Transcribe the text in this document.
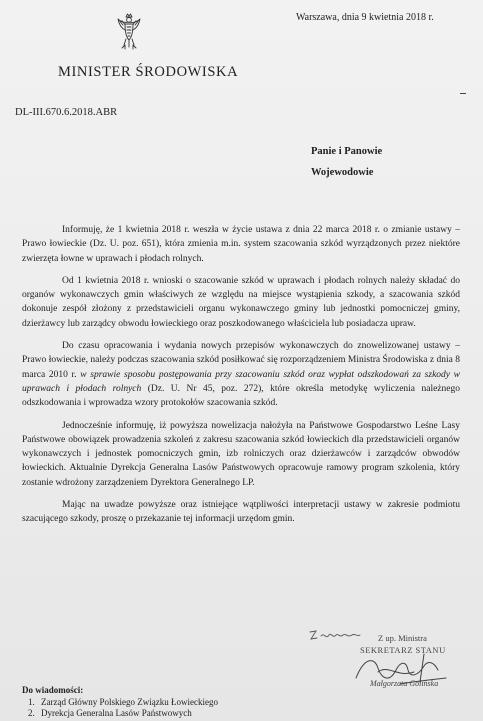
Warszawa, dnia 9 kwietnia 2018 r.
MINISTER ŚRODOWISKA
DL-III.670.6.2018.ABR
Panie i Panowie
Wojewodowie

Informuję, że 1 kwietnia 2018 r. weszła w życie ustawa z dnia 22 marca 2018 r. o zmianie ustawy – Prawo łowieckie (Dz. U. poz. 651), która zmienia m.in. system szacowania szkód wyrządzonych przez niektóre zwierzęta łowne w uprawach i płodach rolnych.

Od 1 kwietnia 2018 r. wnioski o szacowanie szkód w uprawach i płodach rolnych należy składać do organów wykonawczych gmin właściwych ze względu na miejsce wystąpienia szkody, a szacowania szkód dokonuje zespół złożony z przedstawicieli organu wykonawczego gminy lub jednostki pomocniczej gminy, dzierżawcy lub zarządcy obwodu łowieckiego oraz poszkodowanego właściciela lub posiadacza upraw.

Do czasu opracowania i wydania nowych przepisów wykonawczych do znowelizowanej ustawy – Prawo łowieckie, należy podczas szacowania szkód posiłkować się rozporządzeniem Ministra Środowiska z dnia 8 marca 2010 r. w sprawie sposobu postępowania przy szacowaniu szkód oraz wypłat odszkodowań za szkody w uprawach i płodach rolnych (Dz. U. Nr 45, poz. 272), które określa metodykę wyliczenia należnego odszkodowania i wprowadza wzory protokołów szacowania szkód.

Jednocześnie informuję, iż powyższa nowelizacja nałożyła na Państwowe Gospodarstwo Leśne Lasy Państwowe obowiązek prowadzenia szkoleń z zakresu szacowania szkód łowieckich dla przedstawicieli organów wykonawczych i jednostek pomocniczych gmin, izb rolniczych oraz dzierżawców i zarządców obwodów łowieckich. Aktualnie Dyrekcja Generalna Lasów Państwowych opracowuje ramowy program szkolenia, który zostanie wdrożony zarządzeniem Dyrektora Generalnego LP.

Mając na uwadze powyższe oraz istniejące wątpliwości interpretacji ustawy w zakresie podmiotu szacującego szkody, proszę o przekazanie tej informacji urzędom gmin.

Z up. Ministra
SEKRETARZ STANU
Małgorzata Golińska
Do wiadomości:
1. Zarząd Główny Polskiego Związku Łowieckiego
2. Dyrekcja Generalna Lasów Państwowych
